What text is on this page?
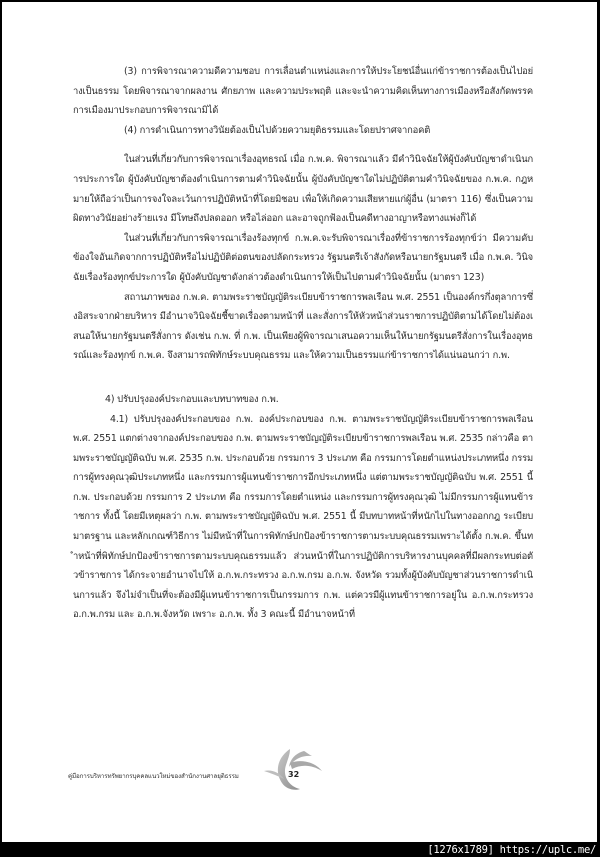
(3) การพิจารณาความดีความชอบ การเลื่อนตำแหน่งและการให้ประโยชน์อื่นแก่ข้าราชการต้องเป็นไปอย่างเป็นธรรม โดยพิจารณาจากผลงาน ศักยภาพ และความประพฤติ และจะนำความคิดเห็นทางการเมืองหรือสังกัดพรรคการเมืองมาประกอบการพิจารณามิได้

(4) การดำเนินการทางวินัยต้องเป็นไปด้วยความยุติธรรมและโดยปราศจากอคติ

ในส่วนที่เกี่ยวกับการพิจารณาเรื่องอุทธรณ์ เมื่อ ก.พ.ค. พิจารณาแล้ว มีคำวินิจฉัยให้ผู้บังคับบัญชาดำเนินการประการใด ผู้บังคับบัญชาต้องดำเนินการตามคำวินิจฉัยนั้น ผู้บังคับบัญชาใดไม่ปฏิบัติตามคำวินิจฉัยของ ก.พ.ค. กฎหมายให้ถือว่าเป็นการจงใจละเว้นการปฏิบัติหน้าที่โดยมิชอบ เพื่อให้เกิดความเสียหายแก่ผู้อื่น (มาตรา 116) ซึ่งเป็นความผิดทางวินัยอย่างร้ายแรง มีโทษถึงปลดออก หรือไล่ออก และอาจถูกฟ้องเป็นคดีทางอาญาหรือทางแพ่งก็ได้

ในส่วนที่เกี่ยวกับการพิจารณาเรื่องร้องทุกข์ ก.พ.ค.จะรับพิจารณาเรื่องที่ข้าราชการร้องทุกข์ว่า มีความคับข้องใจอันเกิดจากการปฏิบัติหรือไม่ปฏิบัติต่อตนของปลัดกระทรวง รัฐมนตรีเจ้าสังกัดหรือนายกรัฐมนตรี เมื่อ ก.พ.ค. วินิจฉัยเรื่องร้องทุกข์ประการใด ผู้บังคับบัญชาดังกล่าวต้องดำเนินการให้เป็นไปตามคำวินิจฉัยนั้น (มาตรา 123)

สถานภาพของ ก.พ.ค. ตามพระราชบัญญัติระเบียบข้าราชการพลเรือน พ.ศ. 2551 เป็นองค์กรกึ่งตุลาการซึ่งอิสระจากฝ่ายบริหาร มีอำนาจวินิจฉัยชี้ขาดเรื่องตามหน้าที่ และสั่งการให้หัวหน้าส่วนราชการปฏิบัติตามได้โดยไม่ต้องเสนอให้นายกรัฐมนตรีสั่งการ ดังเช่น ก.พ. ที่ ก.พ. เป็นเพียงผู้พิจารณาเสนอความเห็นให้นายกรัฐมนตรีสั่งการในเรื่องอุทธรณ์และร้องทุกข์ ก.พ.ค. จึงสามารถพิทักษ์ระบบคุณธรรม และให้ความเป็นธรรมแก่ข้าราชการได้แน่นอนกว่า ก.พ.

4) ปรับปรุงองค์ประกอบและบทบาทของ ก.พ.

4.1) ปรับปรุงองค์ประกอบของ ก.พ. องค์ประกอบของ ก.พ. ตามพระราชบัญญัติระเบียบข้าราชการพลเรือน พ.ศ. 2551 แตกต่างจากองค์ประกอบของ ก.พ. ตามพระราชบัญญัติระเบียบข้าราชการพลเรือน พ.ศ. 2535 กล่าวคือ ตามพระราชบัญญัติฉบับ พ.ศ. 2535 ก.พ. ประกอบด้วย กรรมการ 3 ประเภท คือ กรรมการโดยตำแหน่งประเภทหนึ่ง กรรมการผู้ทรงคุณวุฒิประเภทหนึ่ง และกรรมการผู้แทนข้าราชการอีกประเภทหนึ่ง แต่ตามพระราชบัญญัติฉบับ พ.ศ. 2551 นี้ ก.พ. ประกอบด้วย กรรมการ 2 ประเภท คือ กรรมการโดยตำแหน่ง และกรรมการผู้ทรงคุณวุฒิ ไม่มีกรรมการผู้แทนข้าราชการ ทั้งนี้ โดยมีเหตุผลว่า ก.พ. ตามพระราชบัญญัติฉบับ พ.ศ. 2551 นี้ มีบทบาทหน้าที่หนักไปในทางออกกฎ ระเบียบ มาตรฐาน และหลักเกณฑ์วิธีการ ไม่มีหน้าที่ในการพิทักษ์ปกป้องข้าราชการตามระบบคุณธรรมเพราะได้ตั้ง ก.พ.ค. ขึ้นทำหน้าที่พิทักษ์ปกป้องข้าราชการตามระบบคุณธรรมแล้ว ส่วนหน้าที่ในการปฏิบัติการบริหารงานบุคคลที่มีผลกระทบต่อตัวข้าราชการ ได้กระจายอำนาจไปให้ อ.ก.พ.กระทรวง อ.ก.พ.กรม อ.ก.พ. จังหวัด รวมทั้งผู้บังคับบัญชาส่วนราชการดำเนินการแล้ว จึงไม่จำเป็นที่จะต้องมีผู้แทนข้าราชการเป็นกรรมการ ก.พ. แต่ควรมีผู้แทนข้าราชการอยู่ใน อ.ก.พ.กระทรวง อ.ก.พ.กรม และ อ.ก.พ.จังหวัด เพราะ อ.ก.พ. ทั้ง 3 คณะนี้ มีอำนาจหน้าที่

คู่มือการบริหารทรัพยากรบุคคลแนวใหม่ของสำนักงานศาลยุติธรรม	32
[1276x1789] https://uplc.me/
